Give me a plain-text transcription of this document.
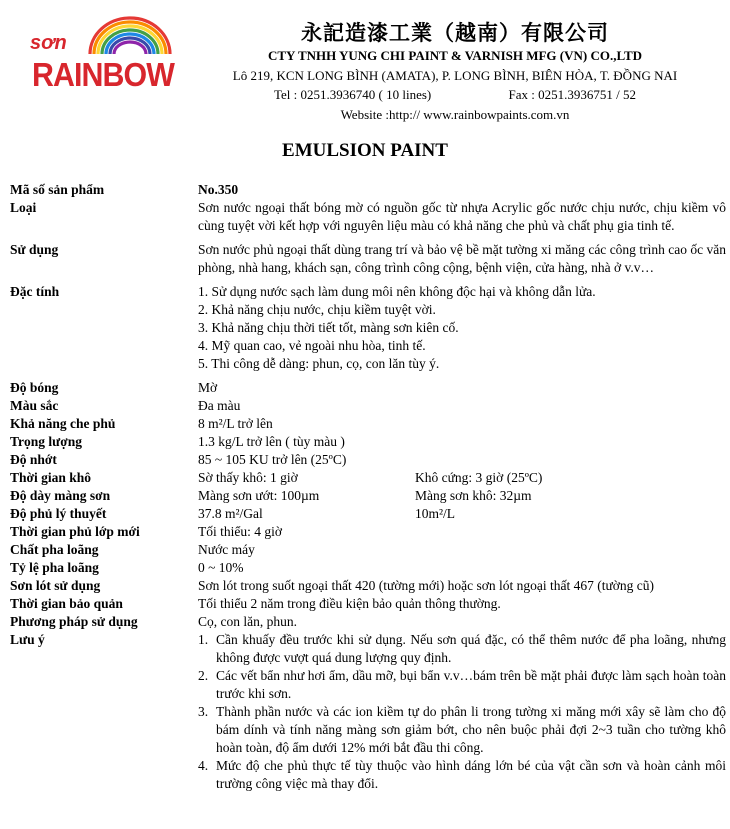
sơn
RAINBOW
永記造漆工業（越南）有限公司
CTY TNHH YUNG CHI PAINT & VARNISH MFG (VN) CO.,LTD
Lô 219, KCN LONG BÌNH (AMATA), P. LONG BÌNH, BIÊN HÒA, T. ĐỒNG NAI
Tel : 0251.3936740 ( 10 lines)	Fax : 0251.3936751 / 52
Website :http:// www.rainbowpaints.com.vn
EMULSION PAINT
Mã số sản phẩm	No.350
Loại	Sơn nước ngoại thất bóng mờ có nguồn gốc từ nhựa Acrylic gốc nước chịu nước, chịu kiềm vô cùng tuyệt vời kết hợp với nguyên liệu màu có khả năng che phủ và chất phụ gia tinh tế.
Sử dụng	Sơn nước phủ ngoại thất dùng trang trí và bảo vệ bề mặt tường xi măng các công trình cao ốc văn phòng, nhà hang, khách sạn, công trình công cộng, bệnh viện, cửa hàng, nhà ở v.v…
Đặc tính	1. Sử dụng nước sạch làm dung môi nên không độc hại và không dẫn lửa.
2. Khả năng chịu nước, chịu kiềm tuyệt vời.
3. Khả năng chịu thời tiết tốt, màng sơn kiên cố.
4. Mỹ quan cao, vẻ ngoài nhu hòa, tinh tế.
5. Thi công dễ dàng: phun, cọ, con lăn tùy ý.
Độ bóng	Mờ
Màu sắc	Đa màu
Khả năng che phủ	8 m²/L trở lên
Trọng lượng	1.3 kg/L trở lên ( tùy màu )
Độ nhớt	85 ~ 105 KU trở lên (25ºC)
Thời gian khô	Sờ thấy khô: 1 giờ	Khô cứng: 3 giờ (25ºC)
Độ dày màng sơn	Màng sơn ướt: 100µm	Màng sơn khô: 32µm
Độ phủ lý thuyết	37.8 m²/Gal	10m²/L
Thời gian phủ lớp mới	Tối thiểu: 4 giờ
Chất pha loãng	Nước máy
Tỷ lệ pha loãng	0 ~ 10%
Sơn lót sử dụng	Sơn lót trong suốt ngoại thất 420 (tường mới) hoặc sơn lót ngoại thất 467 (tường cũ)
Thời gian bảo quản	Tối thiểu 2 năm trong điều kiện bảo quản thông thường.
Phương pháp sử dụng	Cọ, con lăn, phun.
Lưu ý	1. Cần khuấy đều trước khi sử dụng. Nếu sơn quá đặc, có thể thêm nước để pha loãng, nhưng không được vượt quá dung lượng quy định.
2. Các vết bẩn như hơi ẩm, dầu mỡ, bụi bẩn v.v…bám trên bề mặt phải được làm sạch hoàn toàn trước khi sơn.
3. Thành phần nước và các ion kiềm tự do phân li trong tường xi măng mới xây sẽ làm cho độ bám dính và tính năng màng sơn giảm bớt, cho nên buộc phải đợi 2~3 tuần cho tường khô hoàn toàn, độ ẩm dưới 12% mới bắt đầu thi công.
4. Mức độ che phủ thực tế tùy thuộc vào hình dáng lớn bé của vật cần sơn và hoàn cảnh môi trường công việc mà thay đổi.
